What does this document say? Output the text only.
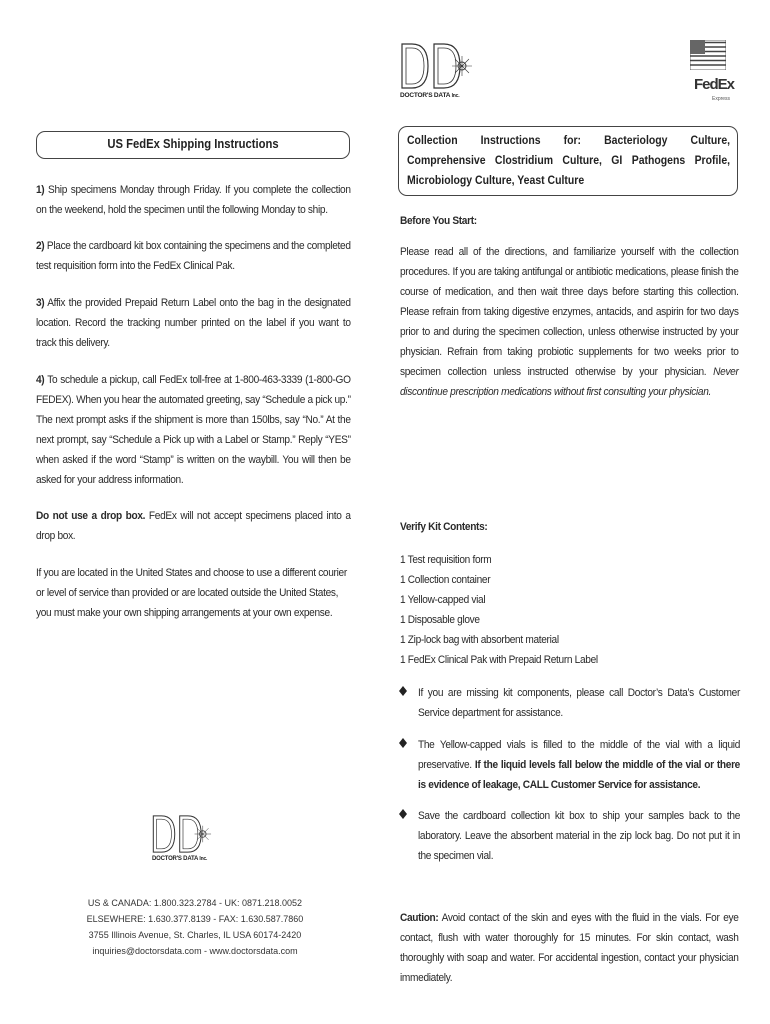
DOCTOR'S DATA Inc.
FedEx
Express
US FedEx Shipping Instructions
1) Ship specimens Monday through Friday. If you complete the collection on the weekend, hold the specimen until the following Monday to ship.
2) Place the cardboard kit box containing the specimens and the completed test requisition form into the FedEx Clinical Pak.
3) Affix the provided Prepaid Return Label onto the bag in the designated location. Record the tracking number printed on the label if you want to track this delivery.
4) To schedule a pickup, call FedEx toll-free at 1-800-463-3339 (1-800-GO FEDEX). When you hear the automated greeting, say “Schedule a pick up.” The next prompt asks if the shipment is more than 150lbs, say “No.” At the next prompt, say “Schedule a Pick up with a Label or Stamp.” Reply “YES” when asked if the word “Stamp” is written on the waybill. You will then be asked for your address information.
Do not use a drop box. FedEx will not accept specimens placed into a drop box.
If you are located in the United States and choose to use a different courier or level of service than provided or are located outside the United States, you must make your own shipping arrangements at your own expense.
DOCTOR'S DATA Inc.
US & CANADA: 1.800.323.2784 - UK: 0871.218.0052
ELSEWHERE: 1.630.377.8139 - FAX: 1.630.587.7860
3755 Illinois Avenue, St. Charles, IL USA 60174-2420
inquiries@doctorsdata.com - www.doctorsdata.com
Collection Instructions for: Bacteriology Culture, Comprehensive Clostridium Culture, GI Pathogens Profile, Microbiology Culture, Yeast Culture
Before You Start:
Please read all of the directions, and familiarize yourself with the collection procedures. If you are taking antifungal or antibiotic medications, please finish the course of medication, and then wait three days before starting this collection. Please refrain from taking digestive enzymes, antacids, and aspirin for two days prior to and during the specimen collection, unless otherwise instructed by your physician. Refrain from taking probiotic supplements for two weeks prior to specimen collection unless instructed otherwise by your physician. Never discontinue prescription medications without first consulting your physician.
Verify Kit Contents:
1 Test requisition form
1 Collection container
1 Yellow-capped vial
1 Disposable glove
1 Zip-lock bag with absorbent material
1 FedEx Clinical Pak with Prepaid Return Label
If you are missing kit components, please call Doctor’s Data’s Customer Service department for assistance.
The Yellow-capped vials is filled to the middle of the vial with a liquid preservative. If the liquid levels fall below the middle of the vial or there is evidence of leakage, CALL Customer Service for assistance.
Save the cardboard collection kit box to ship your samples back to the laboratory. Leave the absorbent material in the zip lock bag. Do not put it in the specimen vial.
Caution: Avoid contact of the skin and eyes with the fluid in the vials. For eye contact, flush with water thoroughly for 15 minutes. For skin contact, wash thoroughly with soap and water. For accidental ingestion, contact your physician immediately.
